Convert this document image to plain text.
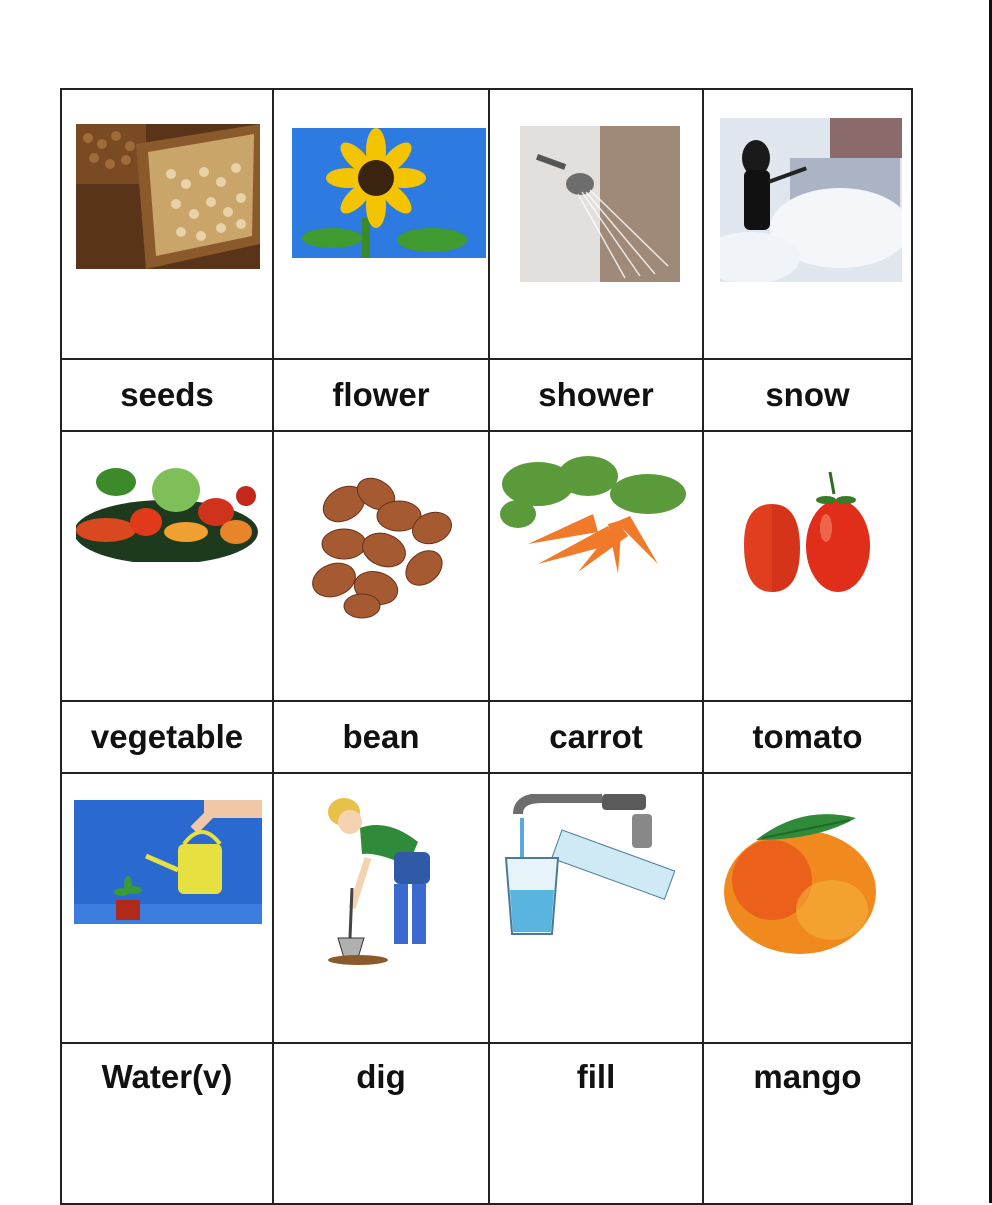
seeds	flower	shower	snow

vegetable	bean	carrot	tomato

Water(v)	dig	fill	mango
